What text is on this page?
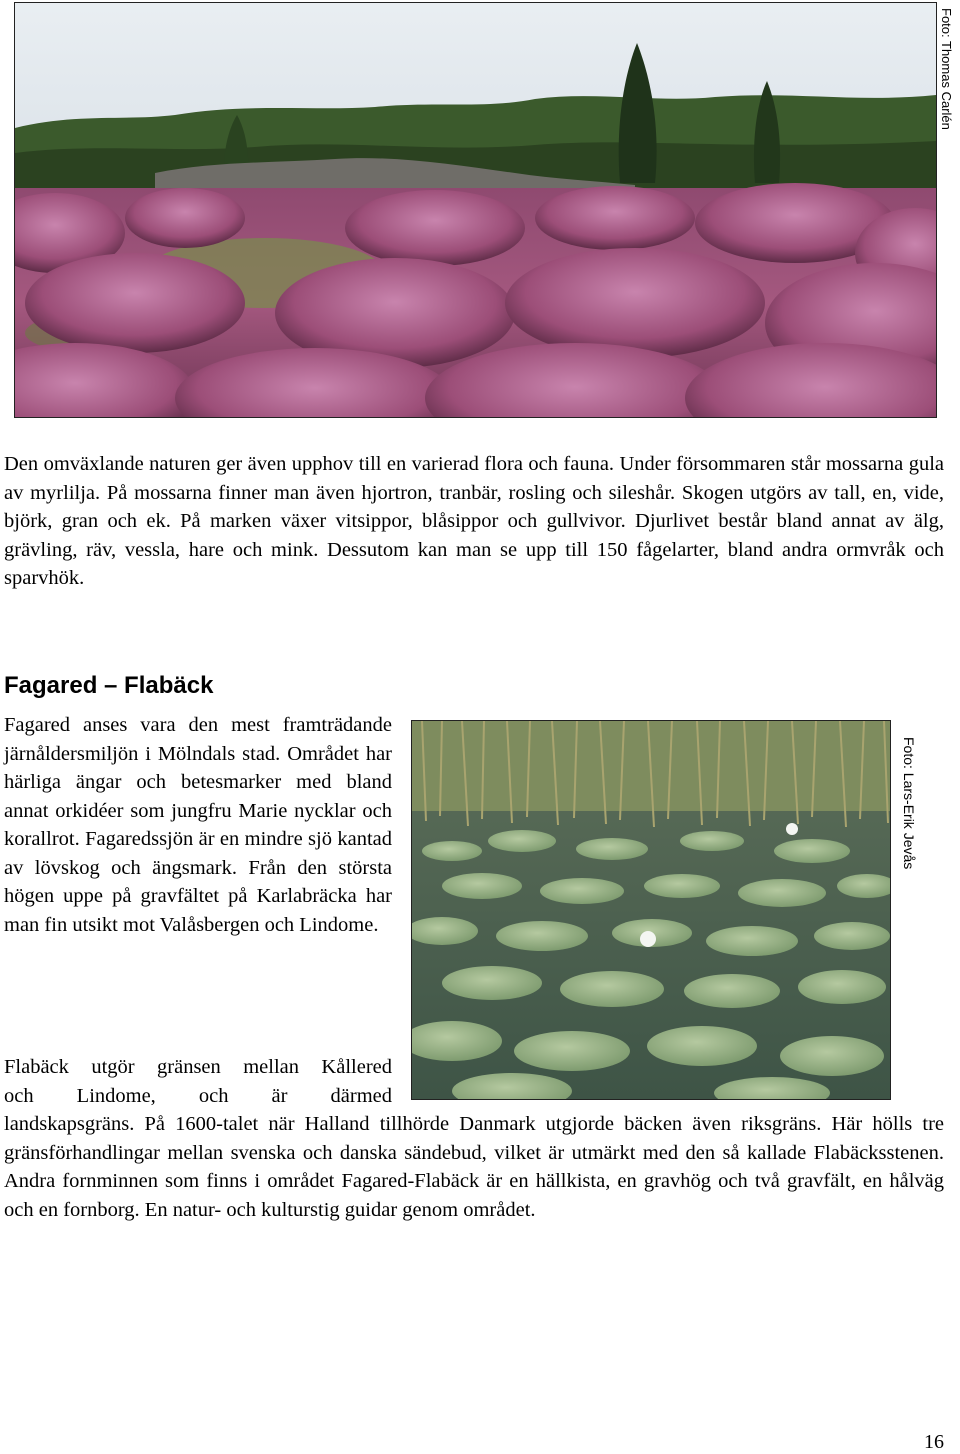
Foto: Thomas Carlén

Den omväxlande naturen ger även upphov till en varierad flora och fauna. Under försommaren står mossarna gula av myrlilja. På mossarna finner man även hjortron, tranbär, rosling och sileshår. Skogen utgörs av tall, en, vide, björk, gran och ek. På marken växer vitsippor, blåsippor och gullvivor. Djurlivet består bland annat av älg, grävling, räv, vessla, hare och mink. Dessutom kan man se upp till 150 fågelarter, bland andra ormvråk och sparvhök.

Fagared – Flabäck

Fagared anses vara den mest framträdande järnåldersmiljön i Mölndals stad. Området har härliga ängar och betesmarker med bland annat orkidéer som jungfru Marie nycklar och korallrot. Fagaredssjön är en mindre sjö kantad av lövskog och ängsmark. Från den största högen uppe på gravfältet på Karlabräcka har man fin utsikt mot Valåsbergen och Lindome.

Foto: Lars-Erik Jevås

Flabäck utgör gränsen mellan Kållered
och Lindome, och är därmed
landskapsgräns. På 1600-talet när Halland tillhörde Danmark utgjorde bäcken även riksgräns. Här hölls tre gränsförhandlingar mellan svenska och danska sändebud, vilket är utmärkt med den så kallade Flabäcksstenen. Andra fornminnen som finns i området Fagared-Flabäck är en hällkista, en gravhög och två gravfält, en hålväg och en fornborg. En natur- och kulturstig guidar genom området.

16
